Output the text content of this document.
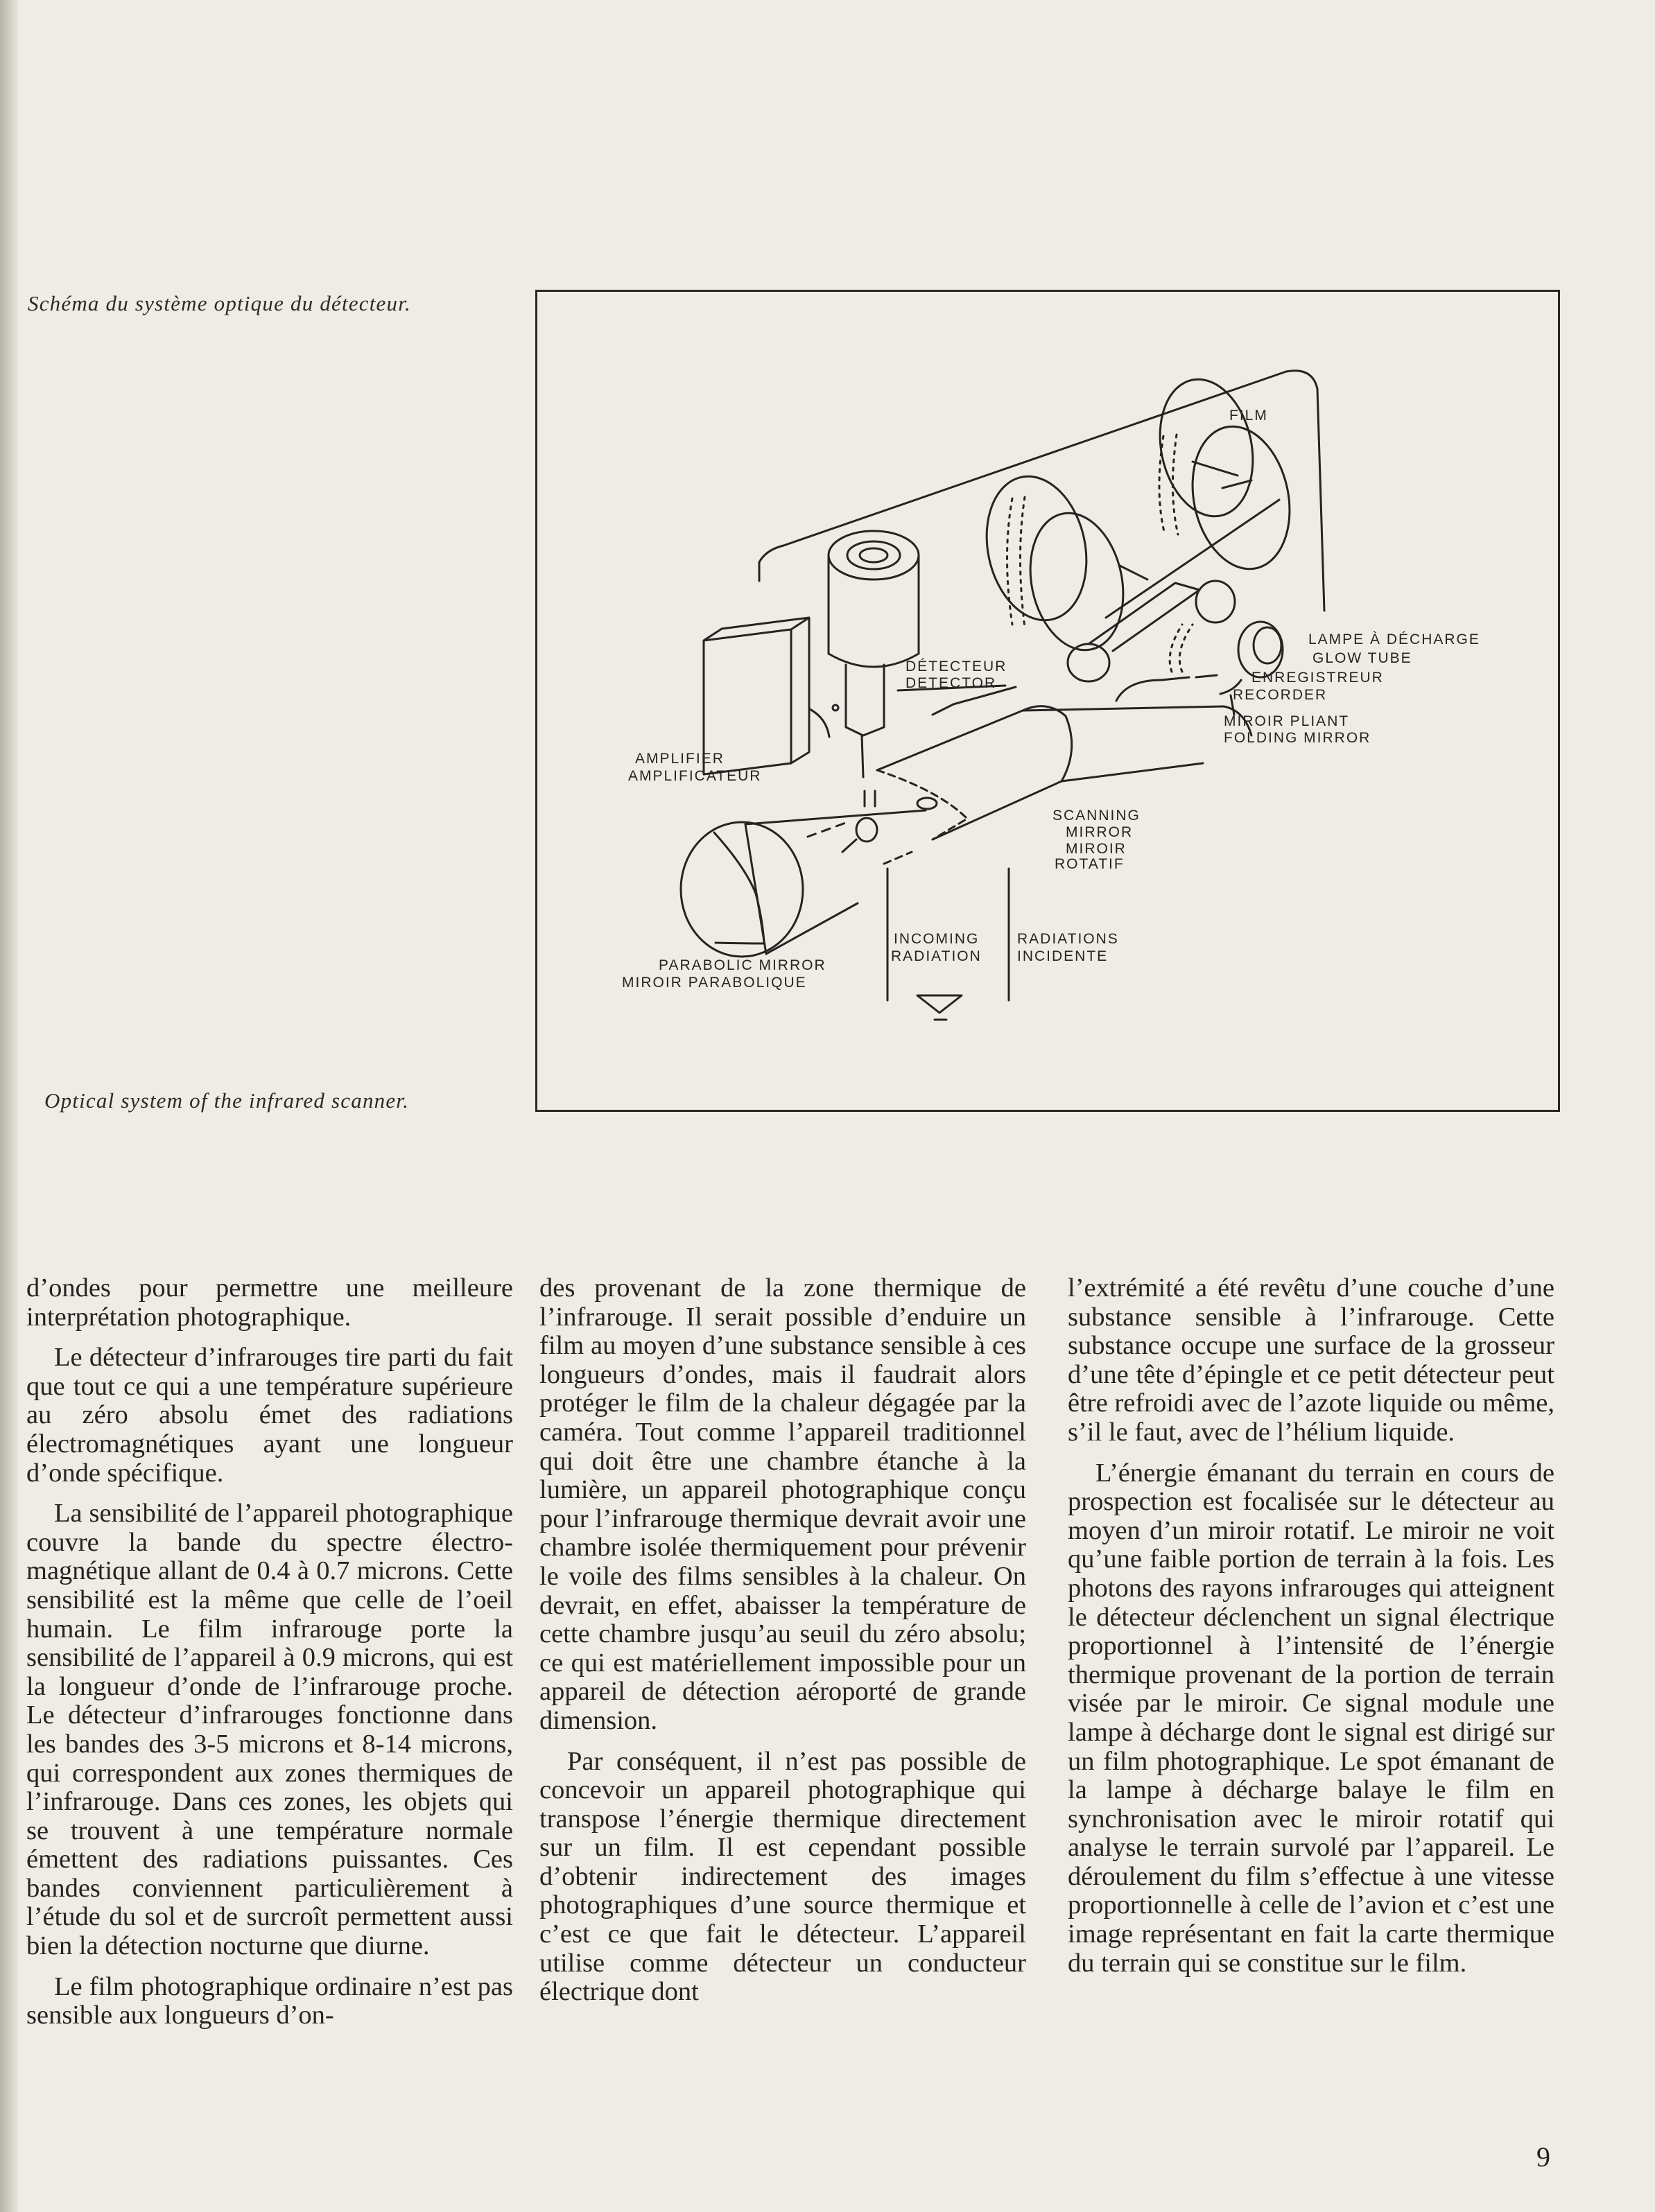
Schéma du système optique du détecteur.
Optical system of the infrared scanner.
FILM
LAMPE À DÉCHARGE
GLOW TUBE
ENREGISTREUR
RECORDER
MIROIR PLIANT
FOLDING MIRROR
DÉTECTEUR
DETECTOR
AMPLIFIER
AMPLIFICATEUR
SCANNING
MIRROR
MIROIR
ROTATIF
INCOMING
RADIATION
RADIATIONS
INCIDENTE
PARABOLIC MIRROR
MIROIR PARABOLIQUE

d’ondes pour permettre une meilleure interprétation photographique.

Le détecteur d’infrarouges tire parti du fait que tout ce qui a une température supérieure au zéro absolu émet des radiations électromagnétiques ayant une longueur d’onde spécifique.

La sensibilité de l’appareil photographique couvre la bande du spectre électro-magnétique allant de 0.4 à 0.7 microns. Cette sensibilité est la même que celle de l’oeil humain. Le film infrarouge porte la sensibilité de l’appareil à 0.9 microns, qui est la longueur d’onde de l’infrarouge proche. Le détecteur d’infrarouges fonctionne dans les bandes des 3-5 microns et 8-14 microns, qui correspondent aux zones thermiques de l’infrarouge. Dans ces zones, les objets qui se trouvent à une température normale émettent des radiations puissantes. Ces bandes conviennent particulièrement à l’étude du sol et de surcroît permettent aussi bien la détection nocturne que diurne.

Le film photographique ordinaire n’est pas sensible aux longueurs d’on-

des provenant de la zone thermique de l’infrarouge. Il serait possible d’enduire un film au moyen d’une substance sensible à ces longueurs d’ondes, mais il faudrait alors protéger le film de la chaleur dégagée par la caméra. Tout comme l’appareil traditionnel qui doit être une chambre étanche à la lumière, un appareil photographique conçu pour l’infrarouge thermique devrait avoir une chambre isolée thermiquement pour prévenir le voile des films sensibles à la chaleur. On devrait, en effet, abaisser la température de cette chambre jusqu’au seuil du zéro absolu; ce qui est matériellement impossible pour un appareil de détection aéroporté de grande dimension.

Par conséquent, il n’est pas possible de concevoir un appareil photographique qui transpose l’énergie thermique directement sur un film. Il est cependant possible d’obtenir indirectement des images photographiques d’une source thermique et c’est ce que fait le détecteur. L’appareil utilise comme détecteur un conducteur électrique dont

l’extrémité a été revêtu d’une couche d’une substance sensible à l’infrarouge. Cette substance occupe une surface de la grosseur d’une tête d’épingle et ce petit détecteur peut être refroidi avec de l’azote liquide ou même, s’il le faut, avec de l’hélium liquide.

L’énergie émanant du terrain en cours de prospection est focalisée sur le détecteur au moyen d’un miroir rotatif. Le miroir ne voit qu’une faible portion de terrain à la fois. Les photons des rayons infrarouges qui atteignent le détecteur déclenchent un signal électrique proportionnel à l’intensité de l’énergie thermique provenant de la portion de terrain visée par le miroir. Ce signal module une lampe à décharge dont le signal est dirigé sur un film photographique. Le spot émanant de la lampe à décharge balaye le film en synchronisation avec le miroir rotatif qui analyse le terrain survolé par l’appareil. Le déroulement du film s’effectue à une vitesse proportionnelle à celle de l’avion et c’est une image représentant en fait la carte thermique du terrain qui se constitue sur le film.

9
